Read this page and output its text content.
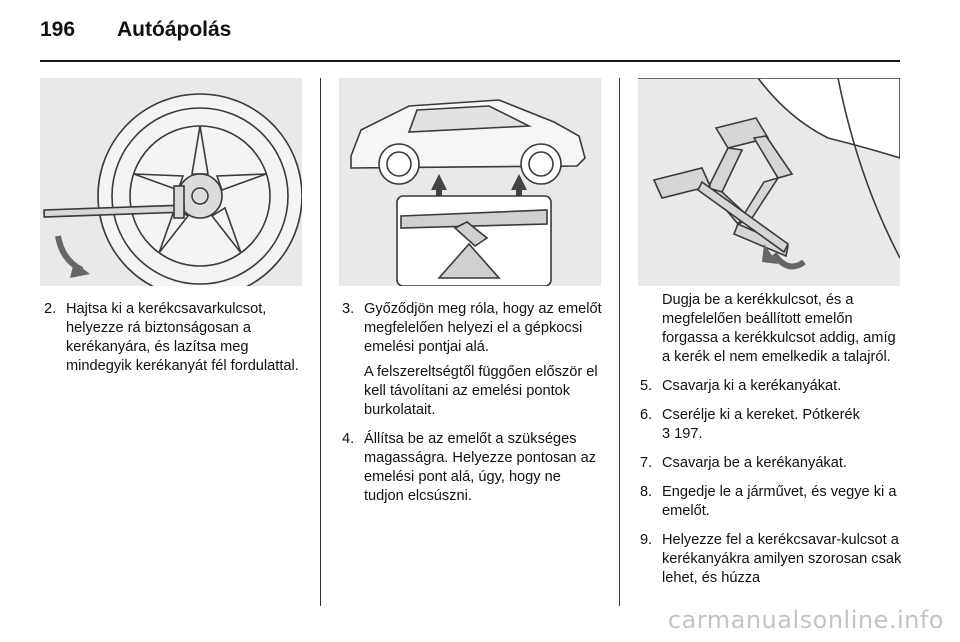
196	Autóápolás
2. Hajtsa ki a kerékcsavarkulcsot, helyezze rá biztonságosan a kerékanyára, és lazítsa meg mindegyik kerékanyát fél fordulattal.
3. Győződjön meg róla, hogy az emelőt megfelelően helyezi el a gépkocsi emelési pontjai alá.
A felszereltségtől függően először el kell távolítani az emelési pontok burkolatait.
4. Állítsa be az emelőt a szükséges magasságra. Helyezze pontosan az emelési pont alá, úgy, hogy ne tudjon elcsúszni.
Dugja be a kerékkulcsot, és a megfelelően beállított emelőn forgassa a kerékkulcsot addig, amíg a kerék el nem emelkedik a talajról.
5. Csavarja ki a kerékanyákat.
6. Cserélje ki a kereket. Pótkerék
3 197.
7. Csavarja be a kerékanyákat.
8. Engedje le a járművet, és vegye ki a emelőt.
9. Helyezze fel a kerékcsavar-kulcsot a kerékanyákra amilyen szorosan csak lehet, és húzza
carmanualsonline.info
